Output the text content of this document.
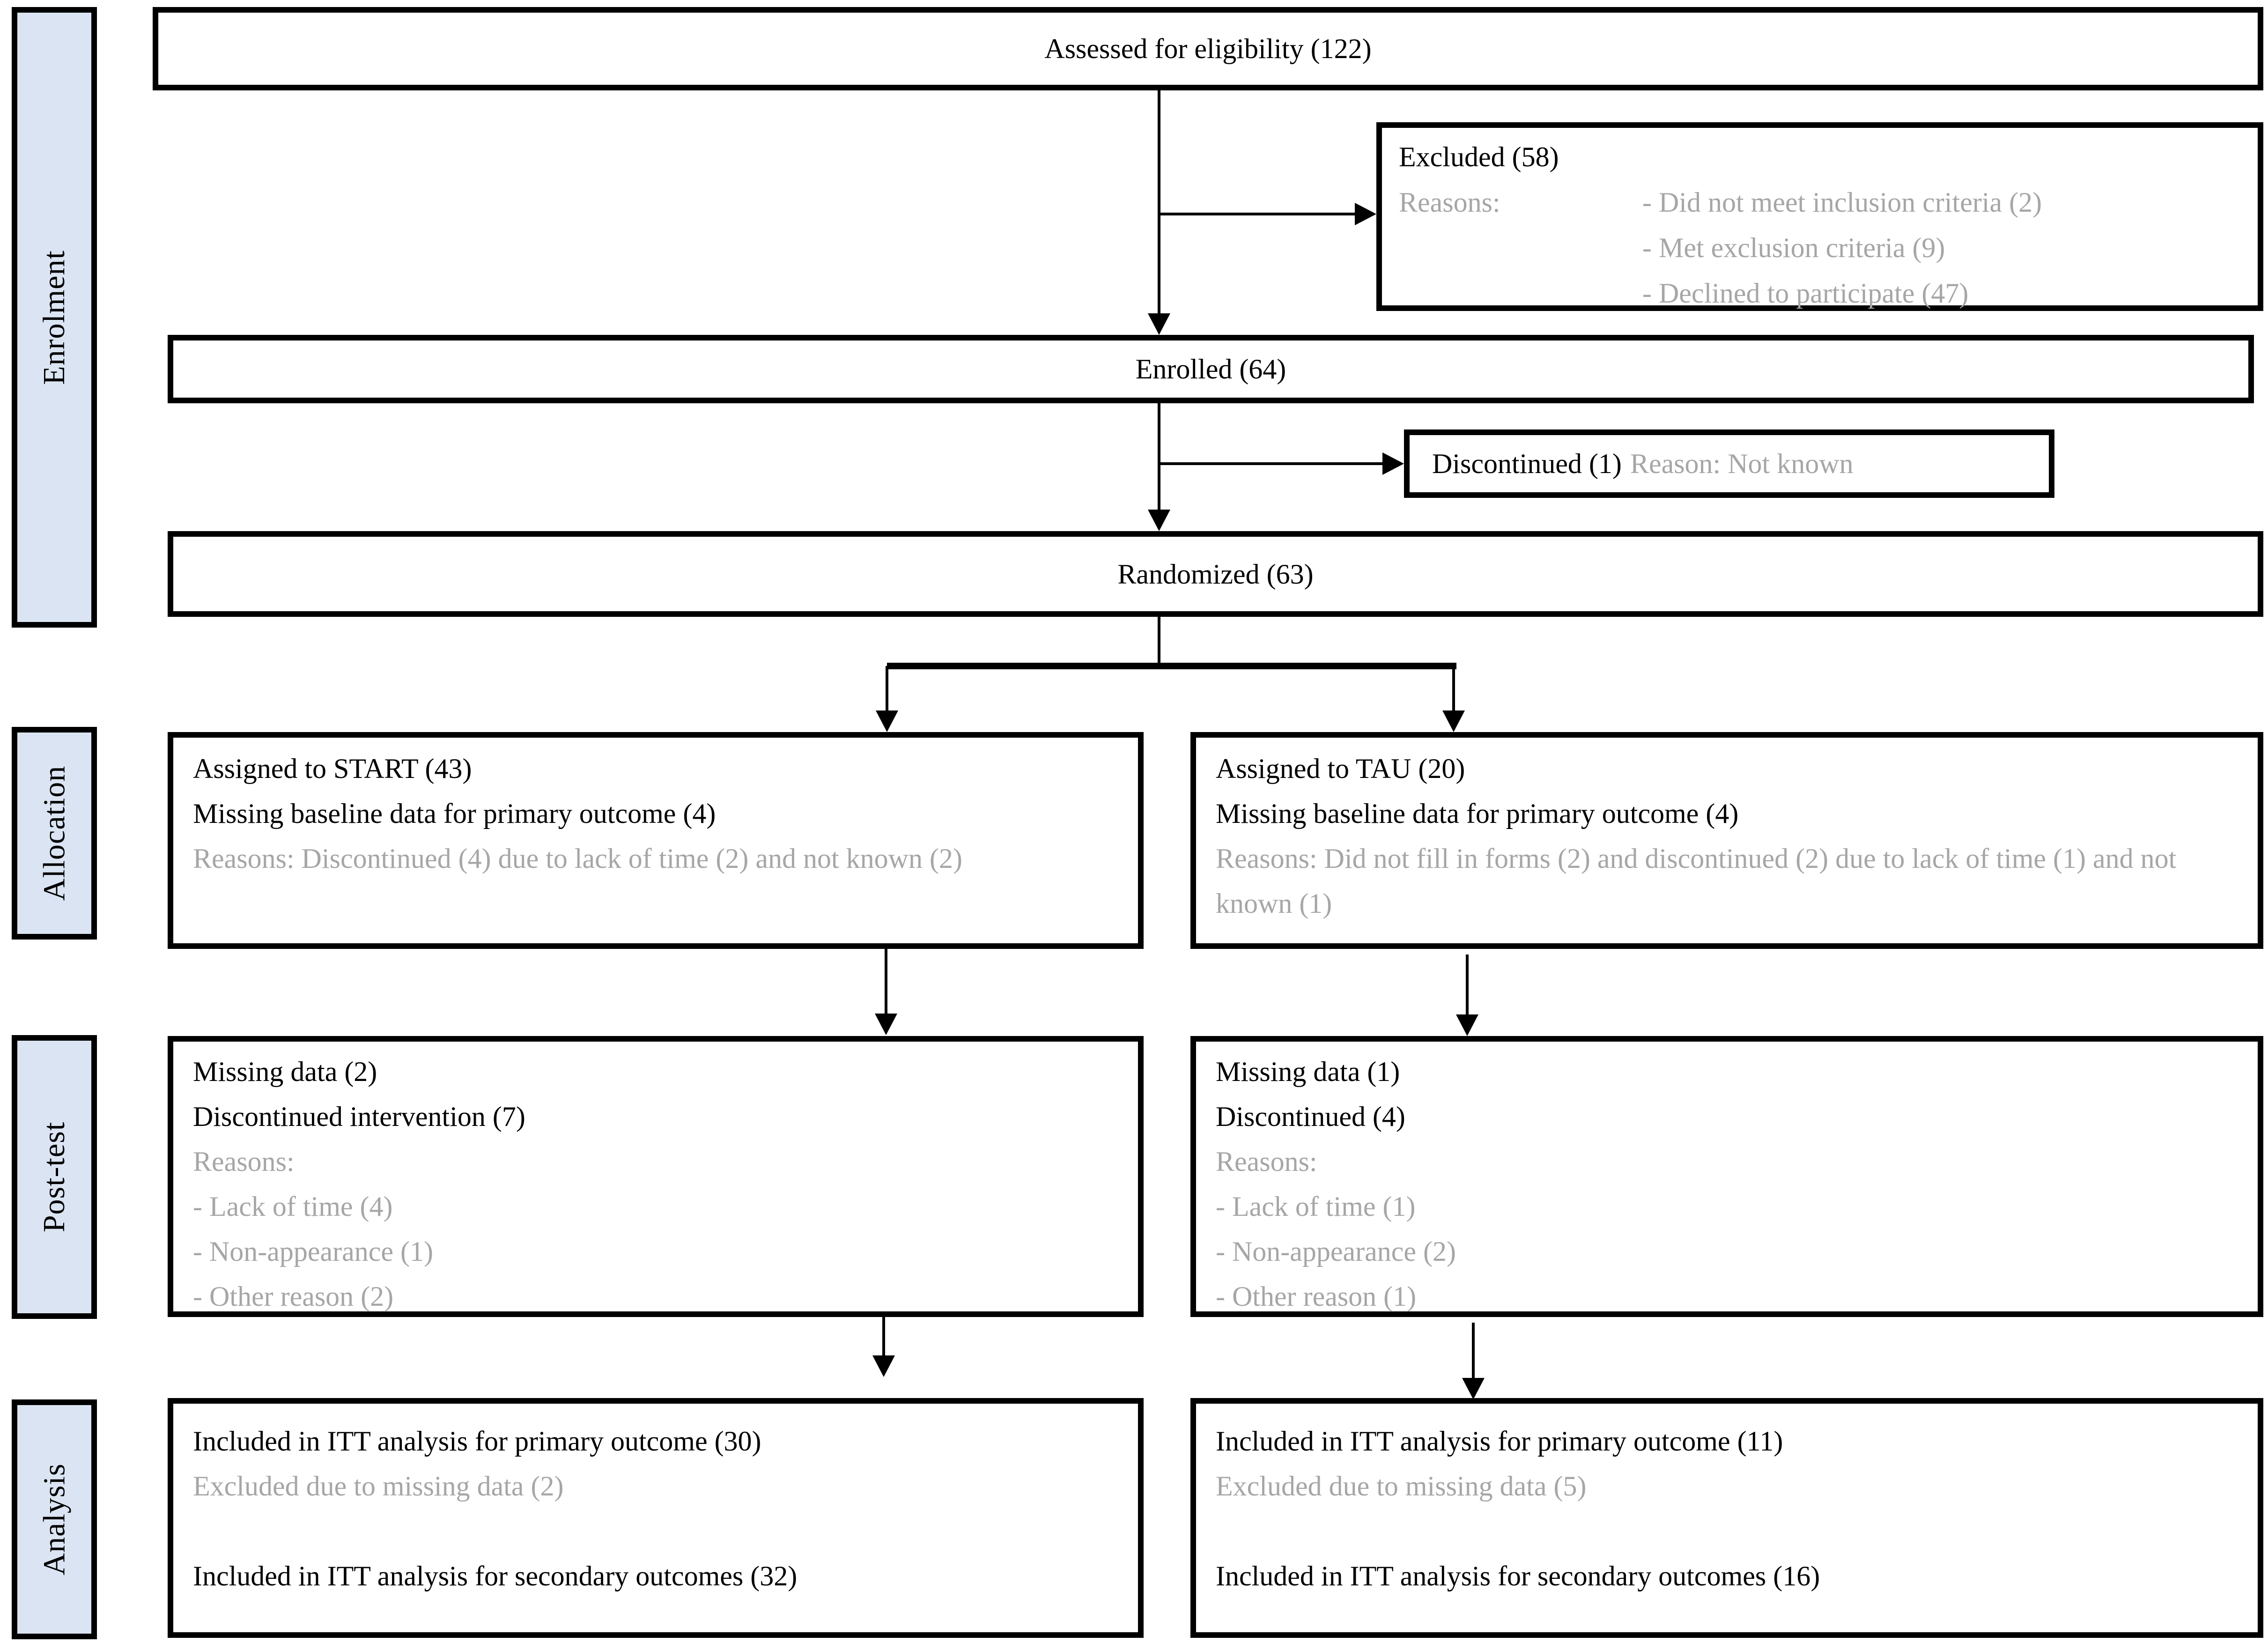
Enrolment
Allocation
Post-test
Analysis
Assessed for eligibility (122)
Excluded (58)
Reasons:	- Did not meet inclusion criteria (2)
- Met exclusion criteria (9)
- Declined to participate (47)
Enrolled (64)
Discontinued (1) Reason: Not known
Randomized (63)
Assigned to START (43)
Missing baseline data for primary outcome (4)
Reasons: Discontinued (4) due to lack of time (2) and not known (2)
Assigned to TAU (20)
Missing baseline data for primary outcome (4)
Reasons: Did not fill in forms (2) and discontinued (2) due to lack of time (1) and not known (1)
Missing data (2)
Discontinued intervention (7)
Reasons:
- Lack of time (4)
- Non-appearance (1)
- Other reason (2)
Missing data (1)
Discontinued (4)
Reasons:
- Lack of time (1)
- Non-appearance (2)
- Other reason (1)
Included in ITT analysis for primary outcome (30)
Excluded due to missing data (2)
Included in ITT analysis for secondary outcomes (32)
Included in ITT analysis for primary outcome (11)
Excluded due to missing data (5)
Included in ITT analysis for secondary outcomes (16)
